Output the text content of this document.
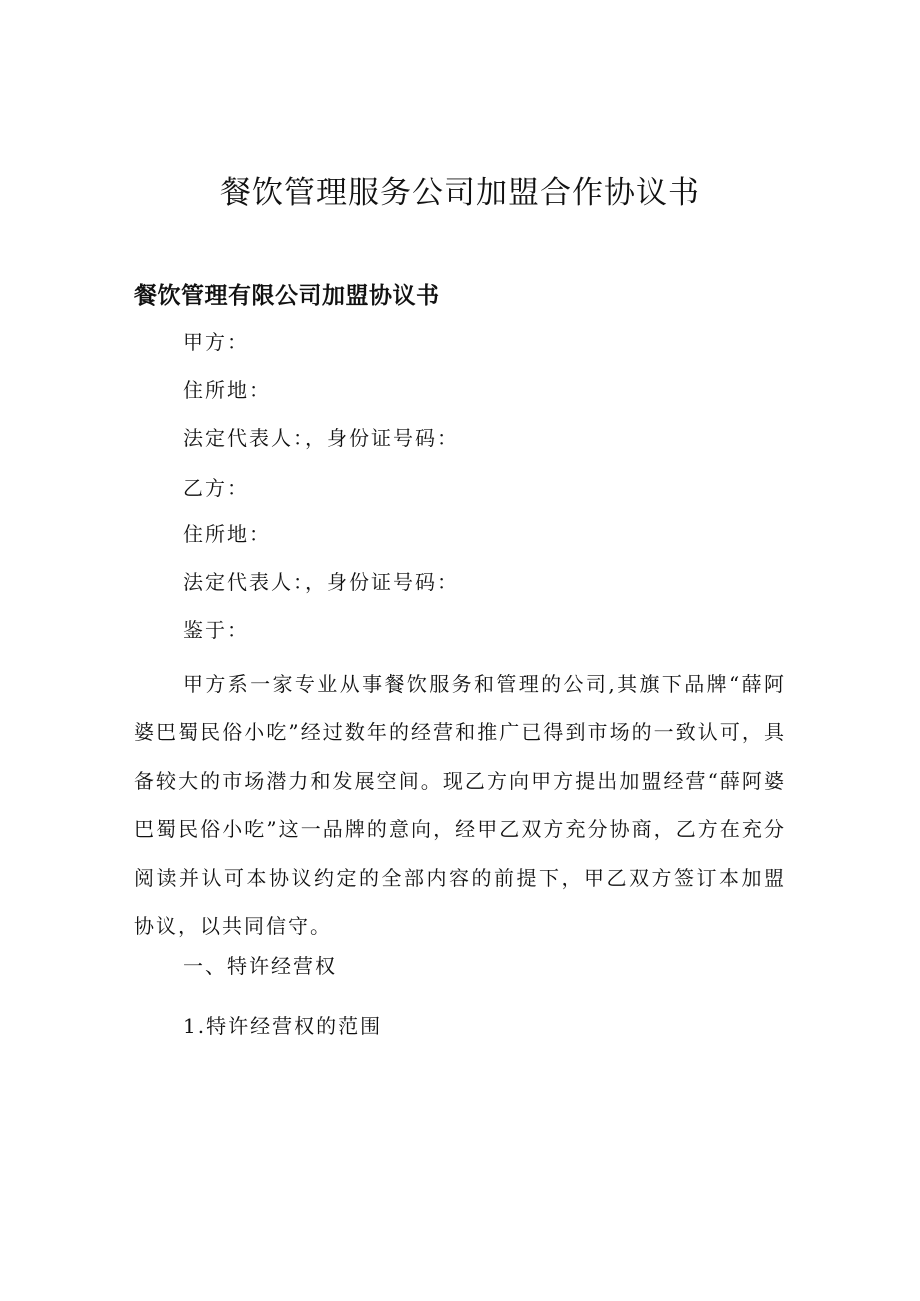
餐饮管理服务公司加盟合作协议书
餐饮管理有限公司加盟协议书

甲方：

住所地：

法定代表人：，身份证号码：

乙方：

住所地：

法定代表人：，身份证号码：

鉴于：

甲方系一家专业从事餐饮服务和管理的公司,其旗下品牌“薛阿婆巴蜀民俗小吃”经过数年的经营和推广已得到市场的一致认可，具备较大的市场潜力和发展空间。现乙方向甲方提出加盟经营“薛阿婆巴蜀民俗小吃”这一品牌的意向，经甲乙双方充分协商，乙方在充分阅读并认可本协议约定的全部内容的前提下，甲乙双方签订本加盟协议，以共同信守。

一、特许经营权

1.特许经营权的范围
